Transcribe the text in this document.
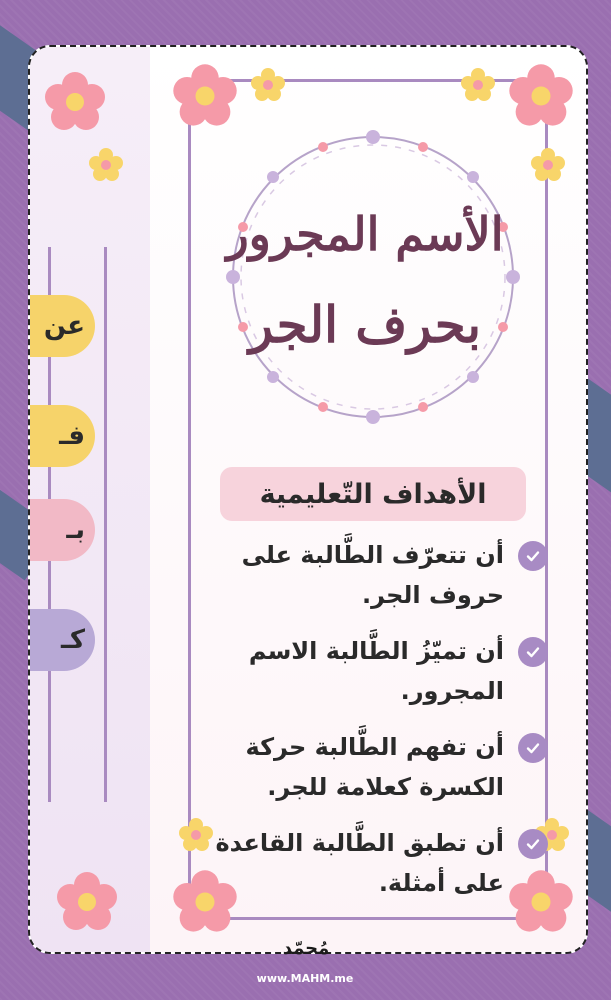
عن
فـ
بـ
كـ
الأسم المجرور
بحرف الجر
الأهداف التّعليمية
أن تتعرّف الطَّالبة على حروف الجر.
أن تميّزُ الطَّالبة الاسم المجرور.
أن تفهم الطَّالبة حركة الكسرة كعلامة للجر.
أن تطبق الطَّالبة القاعدة على أمثلة.
مُحمّد
www.MAHM.me
